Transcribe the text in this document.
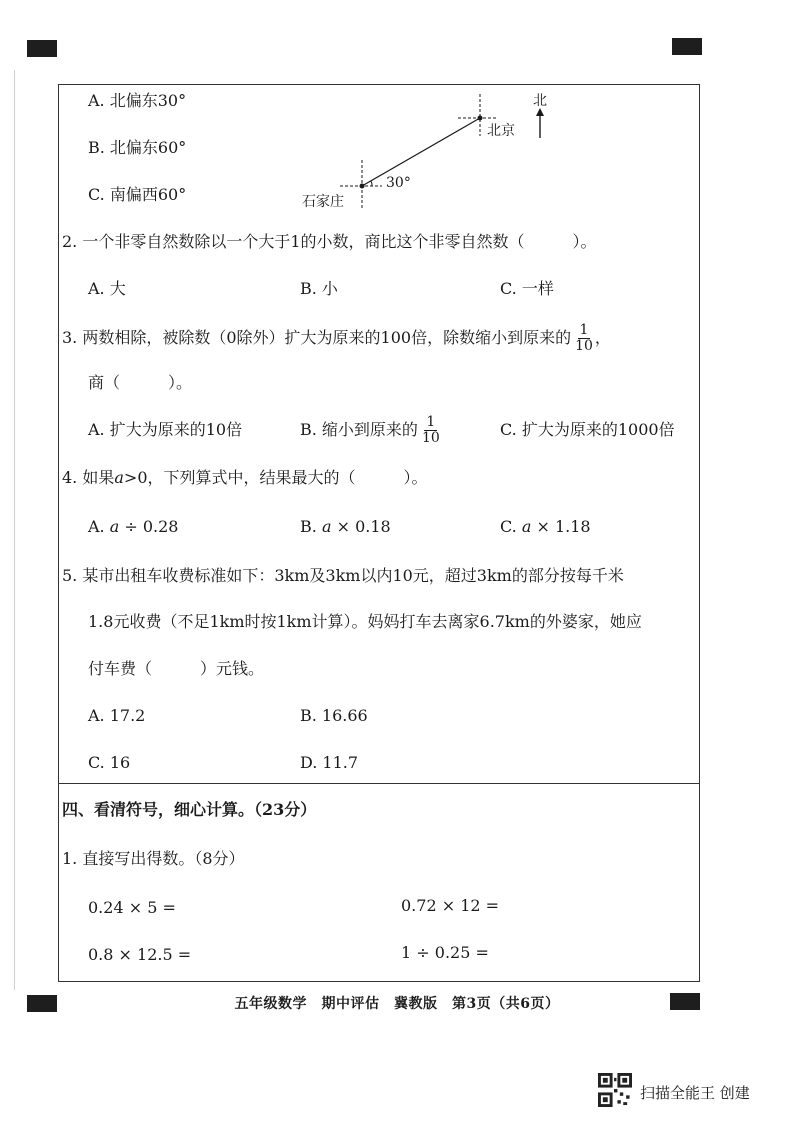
A. 北偏东30°
B. 北偏东60°
C. 南偏西60°
北
北京
石家庄
30°
2. 一个非零自然数除以一个大于1的小数，商比这个非零自然数（　　　）。
A. 大	B. 小	C. 一样
3. 两数相除，被除数（0除外）扩大为原来的100倍，除数缩小到原来的 $\frac{1}{10}$ ，
商（　　　）。
A. 扩大为原来的10倍	B. 缩小到原来的 $\frac{1}{10}$	C. 扩大为原来的1000倍
4. 如果a>0，下列算式中，结果最大的（　　　）。
A. a ÷ 0.28	B. a × 0.18	C. a × 1.18
5. 某市出租车收费标准如下：3km及3km以内10元，超过3km的部分按每千米
1.8元收费（不足1km时按1km计算）。妈妈打车去离家6.7km的外婆家，她应
付车费（　　　）元钱。
A. 17.2	B. 16.66
C. 16	D. 11.7
四、看清符号，细心计算。（23分）
1. 直接写出得数。（8分）
0.24 × 5 =	0.72 × 12 =
0.8 × 12.5 =	1 ÷ 0.25 =
五年级数学　期中评估　冀教版　第3页（共6页）
扫描全能王 创建
